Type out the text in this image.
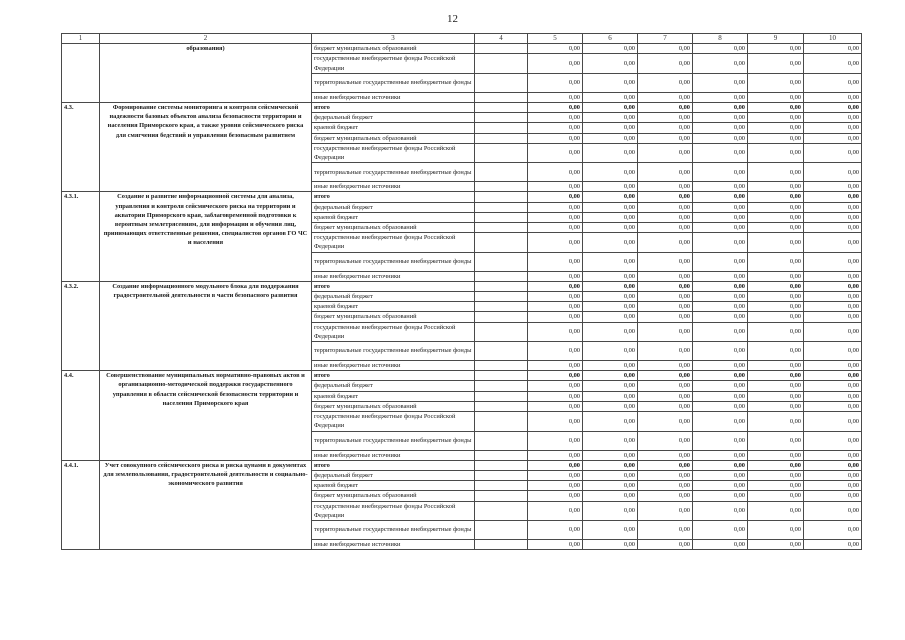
12
1	2	3	4	5	6	7	8	9	10
	образования)	бюджет муниципальных образований		0,00	0,00	0,00	0,00	0,00	0,00
		государственные внебюджетные фонды Российской Федерации		0,00	0,00	0,00	0,00	0,00	0,00
		территориальные государственные внебюджетные фонды		0,00	0,00	0,00	0,00	0,00	0,00
		иные внебюджетные источники		0,00	0,00	0,00	0,00	0,00	0,00
4.3.	Формирование системы мониторинга и контроля сейсмической надежности базовых объектов анализа безопасности территории и населения Приморского края, а также уровня сейсмического риска для смягчения бедствий и управления безопасным развитием	итого		0,00	0,00	0,00	0,00	0,00	0,00
		федеральный бюджет		0,00	0,00	0,00	0,00	0,00	0,00
		краевой бюджет		0,00	0,00	0,00	0,00	0,00	0,00
		бюджет муниципальных образований		0,00	0,00	0,00	0,00	0,00	0,00
		государственные внебюджетные фонды Российской Федерации		0,00	0,00	0,00	0,00	0,00	0,00
		территориальные государственные внебюджетные фонды		0,00	0,00	0,00	0,00	0,00	0,00
		иные внебюджетные источники		0,00	0,00	0,00	0,00	0,00	0,00
4.3.1.	Создание и развитие информационной системы для анализа, управления и контроля сейсмического риска на территории и акватории Приморского края, заблаговременной подготовки к вероятным землетрясениям, для информации и обучения лиц, принимающих ответственные решения, специалистов органов ГО ЧС и населения	итого		0,00	0,00	0,00	0,00	0,00	0,00
		федеральный бюджет		0,00	0,00	0,00	0,00	0,00	0,00
		краевой бюджет		0,00	0,00	0,00	0,00	0,00	0,00
		бюджет муниципальных образований		0,00	0,00	0,00	0,00	0,00	0,00
		государственные внебюджетные фонды Российской Федерации		0,00	0,00	0,00	0,00	0,00	0,00
		территориальные государственные внебюджетные фонды		0,00	0,00	0,00	0,00	0,00	0,00
		иные внебюджетные источники		0,00	0,00	0,00	0,00	0,00	0,00
4.3.2.	Создание информационного модульного блока для поддержания градостроительной деятельности в части безопасного развития	итого		0,00	0,00	0,00	0,00	0,00	0,00
		федеральный бюджет		0,00	0,00	0,00	0,00	0,00	0,00
		краевой бюджет		0,00	0,00	0,00	0,00	0,00	0,00
		бюджет муниципальных образований		0,00	0,00	0,00	0,00	0,00	0,00
		государственные внебюджетные фонды Российской Федерации		0,00	0,00	0,00	0,00	0,00	0,00
		территориальные государственные внебюджетные фонды		0,00	0,00	0,00	0,00	0,00	0,00
		иные внебюджетные источники		0,00	0,00	0,00	0,00	0,00	0,00
4.4.	Совершенствование муниципальных нормативно-правовых актов и организационно-методической поддержки государственного управления в области сейсмической безопасности территории и населения Приморского края	итого		0,00	0,00	0,00	0,00	0,00	0,00
		федеральный бюджет		0,00	0,00	0,00	0,00	0,00	0,00
		краевой бюджет		0,00	0,00	0,00	0,00	0,00	0,00
		бюджет муниципальных образований		0,00	0,00	0,00	0,00	0,00	0,00
		государственные внебюджетные фонды Российской Федерации		0,00	0,00	0,00	0,00	0,00	0,00
		территориальные государственные внебюджетные фонды		0,00	0,00	0,00	0,00	0,00	0,00
		иные внебюджетные источники		0,00	0,00	0,00	0,00	0,00	0,00
4.4.1.	Учет совокупного сейсмического риска и риска цунами в документах для землепользования, градостроительной деятельности и социально-экономического развития	итого		0,00	0,00	0,00	0,00	0,00	0,00
		федеральный бюджет		0,00	0,00	0,00	0,00	0,00	0,00
		краевой бюджет		0,00	0,00	0,00	0,00	0,00	0,00
		бюджет муниципальных образований		0,00	0,00	0,00	0,00	0,00	0,00
		государственные внебюджетные фонды Российской Федерации		0,00	0,00	0,00	0,00	0,00	0,00
		территориальные государственные внебюджетные фонды		0,00	0,00	0,00	0,00	0,00	0,00
		иные внебюджетные источники		0,00	0,00	0,00	0,00	0,00	0,00
